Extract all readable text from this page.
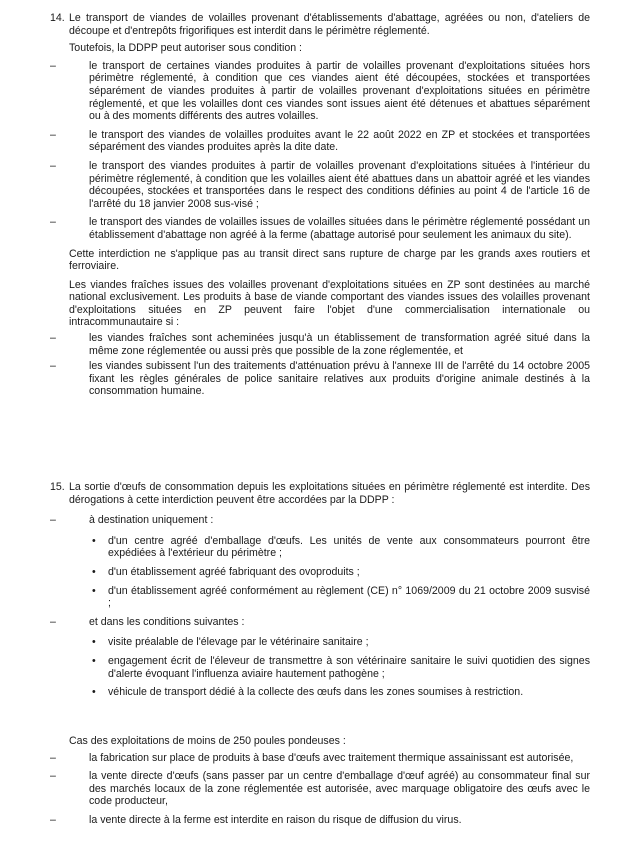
14. Le transport de viandes de volailles provenant d'établissements d'abattage, agréées ou non, d'ateliers de découpe et d'entrepôts frigorifiques est interdit dans le périmètre réglementé.

Toutefois, la DDPP peut autoriser sous condition :

–	le transport de certaines viandes produites à partir de volailles provenant d'exploitations situées hors périmètre réglementé, à condition que ces viandes aient été découpées, stockées et transportées séparément de viandes produites à partir de volailles provenant d'exploitations situées en périmètre réglementé, et que les volailles dont ces viandes sont issues aient été détenues et abattues séparément ou à des moments différents des autres volailles.
–	le transport des viandes de volailles produites avant le 22 août 2022 en ZP et stockées et transportées séparément des viandes produites après la dite date.
–	le transport des viandes produites à partir de volailles provenant d'exploitations situées à l'intérieur du périmètre réglementé, à condition que les volailles aient été abattues dans un abattoir agréé et les viandes découpées, stockées et transportées dans le respect des conditions définies au point 4 de l'article 16 de l'arrêté du 18 janvier 2008 sus-visé ;
–	le transport des viandes de volailles issues de volailles situées dans le périmètre réglementé possédant un établissement d'abattage non agréé à la ferme (abattage autorisé pour seulement les animaux du site).

Cette interdiction ne s'applique pas au transit direct sans rupture de charge par les grands axes routiers et ferroviaire.

Les viandes fraîches issues des volailles provenant d'exploitations situées en ZP sont destinées au marché national exclusivement. Les produits à base de viande comportant des viandes issues des volailles provenant d'exploitations situées en ZP peuvent faire l'objet d'une commercialisation internationale ou intracommunautaire si :

–	les viandes fraîches sont acheminées jusqu'à un établissement de transformation agréé situé dans la même zone réglementée ou aussi près que possible de la zone réglementée, et
–	les viandes subissent l'un des traitements d'atténuation prévu à l'annexe III de l'arrêté du 14 octobre 2005 fixant les règles générales de police sanitaire relatives aux produits d'origine animale destinés à la consommation humaine.
15. La sortie d'œufs de consommation depuis les exploitations situées en périmètre réglementé est interdite. Des dérogations à cette interdiction peuvent être accordées par la DDPP :

–	à destination uniquement :
• d'un centre agréé d'emballage d'œufs. Les unités de vente aux consommateurs pourront être expédiées à l'extérieur du périmètre ;
• d'un établissement agréé fabriquant des ovoproduits ;
• d'un établissement agréé conformément au règlement (CE) n° 1069/2009 du 21 octobre 2009 susvisé ;
–	et dans les conditions suivantes :
• visite préalable de l'élevage par le vétérinaire sanitaire ;
• engagement écrit de l'éleveur de transmettre à son vétérinaire sanitaire le suivi quotidien des signes d'alerte évoquant l'influenza aviaire hautement pathogène ;
• véhicule de transport dédié à la collecte des œufs dans les zones soumises à restriction.

Cas des exploitations de moins de 250 poules pondeuses :

–	la fabrication sur place de produits à base d'œufs avec traitement thermique assainissant est autorisée,
–	la vente directe d'œufs (sans passer par un centre d'emballage d'œuf agréé) au consommateur final sur des marchés locaux de la zone réglementée est autorisée, avec marquage obligatoire des œufs avec le code producteur,
–	la vente directe à la ferme est interdite en raison du risque de diffusion du virus.
